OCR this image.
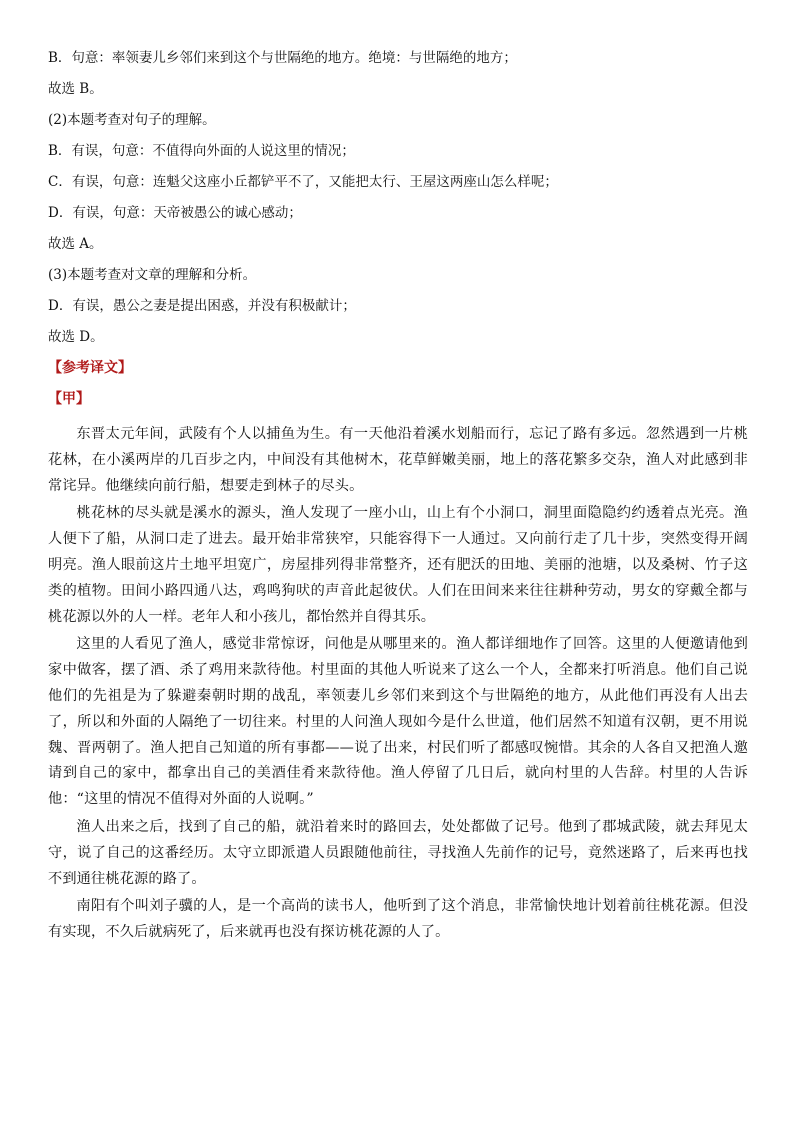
B．句意：率领妻儿乡邻们来到这个与世隔绝的地方。绝境：与世隔绝的地方；
故选 B。
(2)本题考查对句子的理解。
B．有误，句意：不值得向外面的人说这里的情况；
C．有误，句意：连魁父这座小丘都铲平不了，又能把太行、王屋这两座山怎么样呢；
D．有误，句意：天帝被愚公的诚心感动；
故选 A。
(3)本题考查对文章的理解和分析。
D．有误，愚公之妻是提出困惑，并没有积极献计；
故选 D。
【参考译文】
【甲】

东晋太元年间，武陵有个人以捕鱼为生。有一天他沿着溪水划船而行，忘记了路有多远。忽然遇到一片桃花林，在小溪两岸的几百步之内，中间没有其他树木，花草鲜嫩美丽，地上的落花繁多交杂，渔人对此感到非常诧异。他继续向前行船，想要走到林子的尽头。

桃花林的尽头就是溪水的源头，渔人发现了一座小山，山上有个小洞口，洞里面隐隐约约透着点光亮。渔人便下了船，从洞口走了进去。最开始非常狭窄，只能容得下一人通过。又向前行走了几十步，突然变得开阔明亮。渔人眼前这片土地平坦宽广，房屋排列得非常整齐，还有肥沃的田地、美丽的池塘，以及桑树、竹子这类的植物。田间小路四通八达，鸡鸣狗吠的声音此起彼伏。人们在田间来来往往耕种劳动，男女的穿戴全都与桃花源以外的人一样。老年人和小孩儿，都怡然并自得其乐。

这里的人看见了渔人，感觉非常惊讶，问他是从哪里来的。渔人都详细地作了回答。这里的人便邀请他到家中做客，摆了酒、杀了鸡用来款待他。村里面的其他人听说来了这么一个人，全都来打听消息。他们自己说他们的先祖是为了躲避秦朝时期的战乱，率领妻儿乡邻们来到这个与世隔绝的地方，从此他们再没有人出去了，所以和外面的人隔绝了一切往来。村里的人问渔人现如今是什么世道，他们居然不知道有汉朝，更不用说魏、晋两朝了。渔人把自己知道的所有事都——说了出来，村民们听了都感叹惋惜。其余的人各自又把渔人邀请到自己的家中，都拿出自己的美酒佳肴来款待他。渔人停留了几日后，就向村里的人告辞。村里的人告诉他：“这里的情况不值得对外面的人说啊。”

渔人出来之后，找到了自己的船，就沿着来时的路回去，处处都做了记号。他到了郡城武陵，就去拜见太守，说了自己的这番经历。太守立即派遣人员跟随他前往，寻找渔人先前作的记号，竟然迷路了，后来再也找不到通往桃花源的路了。

南阳有个叫刘子骥的人，是一个高尚的读书人，他听到了这个消息，非常愉快地计划着前往桃花源。但没有实现，不久后就病死了，后来就再也没有探访桃花源的人了。
